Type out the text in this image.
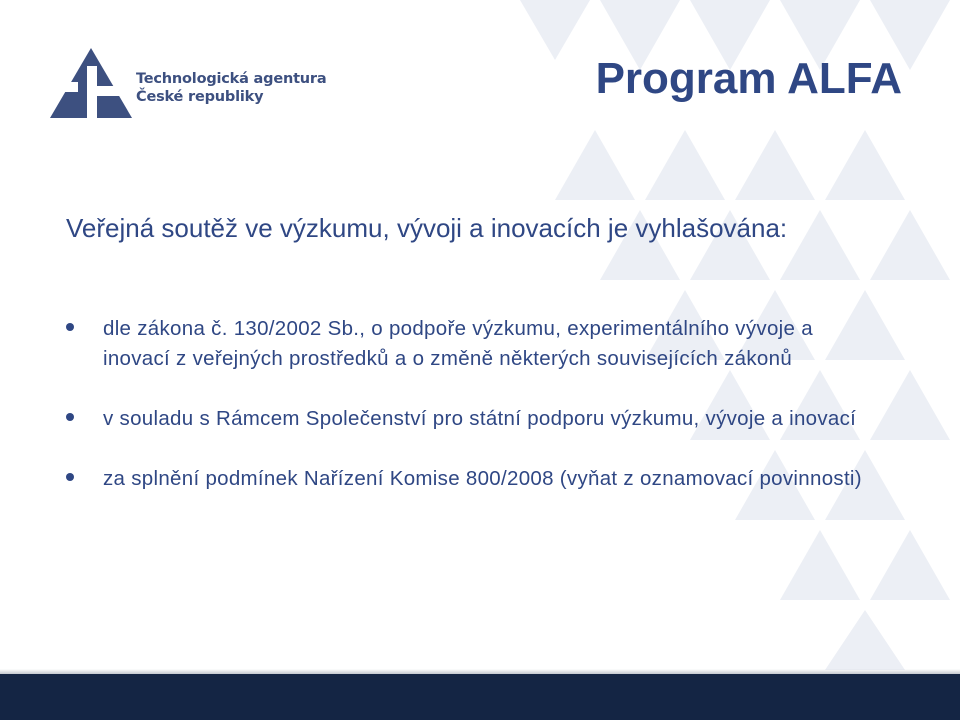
Technologická agentura
České republiky	Program ALFA

Veřejná soutěž ve výzkumu, vývoji a inovacích je vyhlašována:

dle zákona č. 130/2002 Sb., o podpoře výzkumu, experimentálního vývoje a inovací z veřejných prostředků a o změně některých souvisejících zákonů
v souladu s Rámcem Společenství pro státní podporu výzkumu, vývoje a inovací
za splnění podmínek Nařízení Komise 800/2008 (vyňat z oznamovací povinnosti)
